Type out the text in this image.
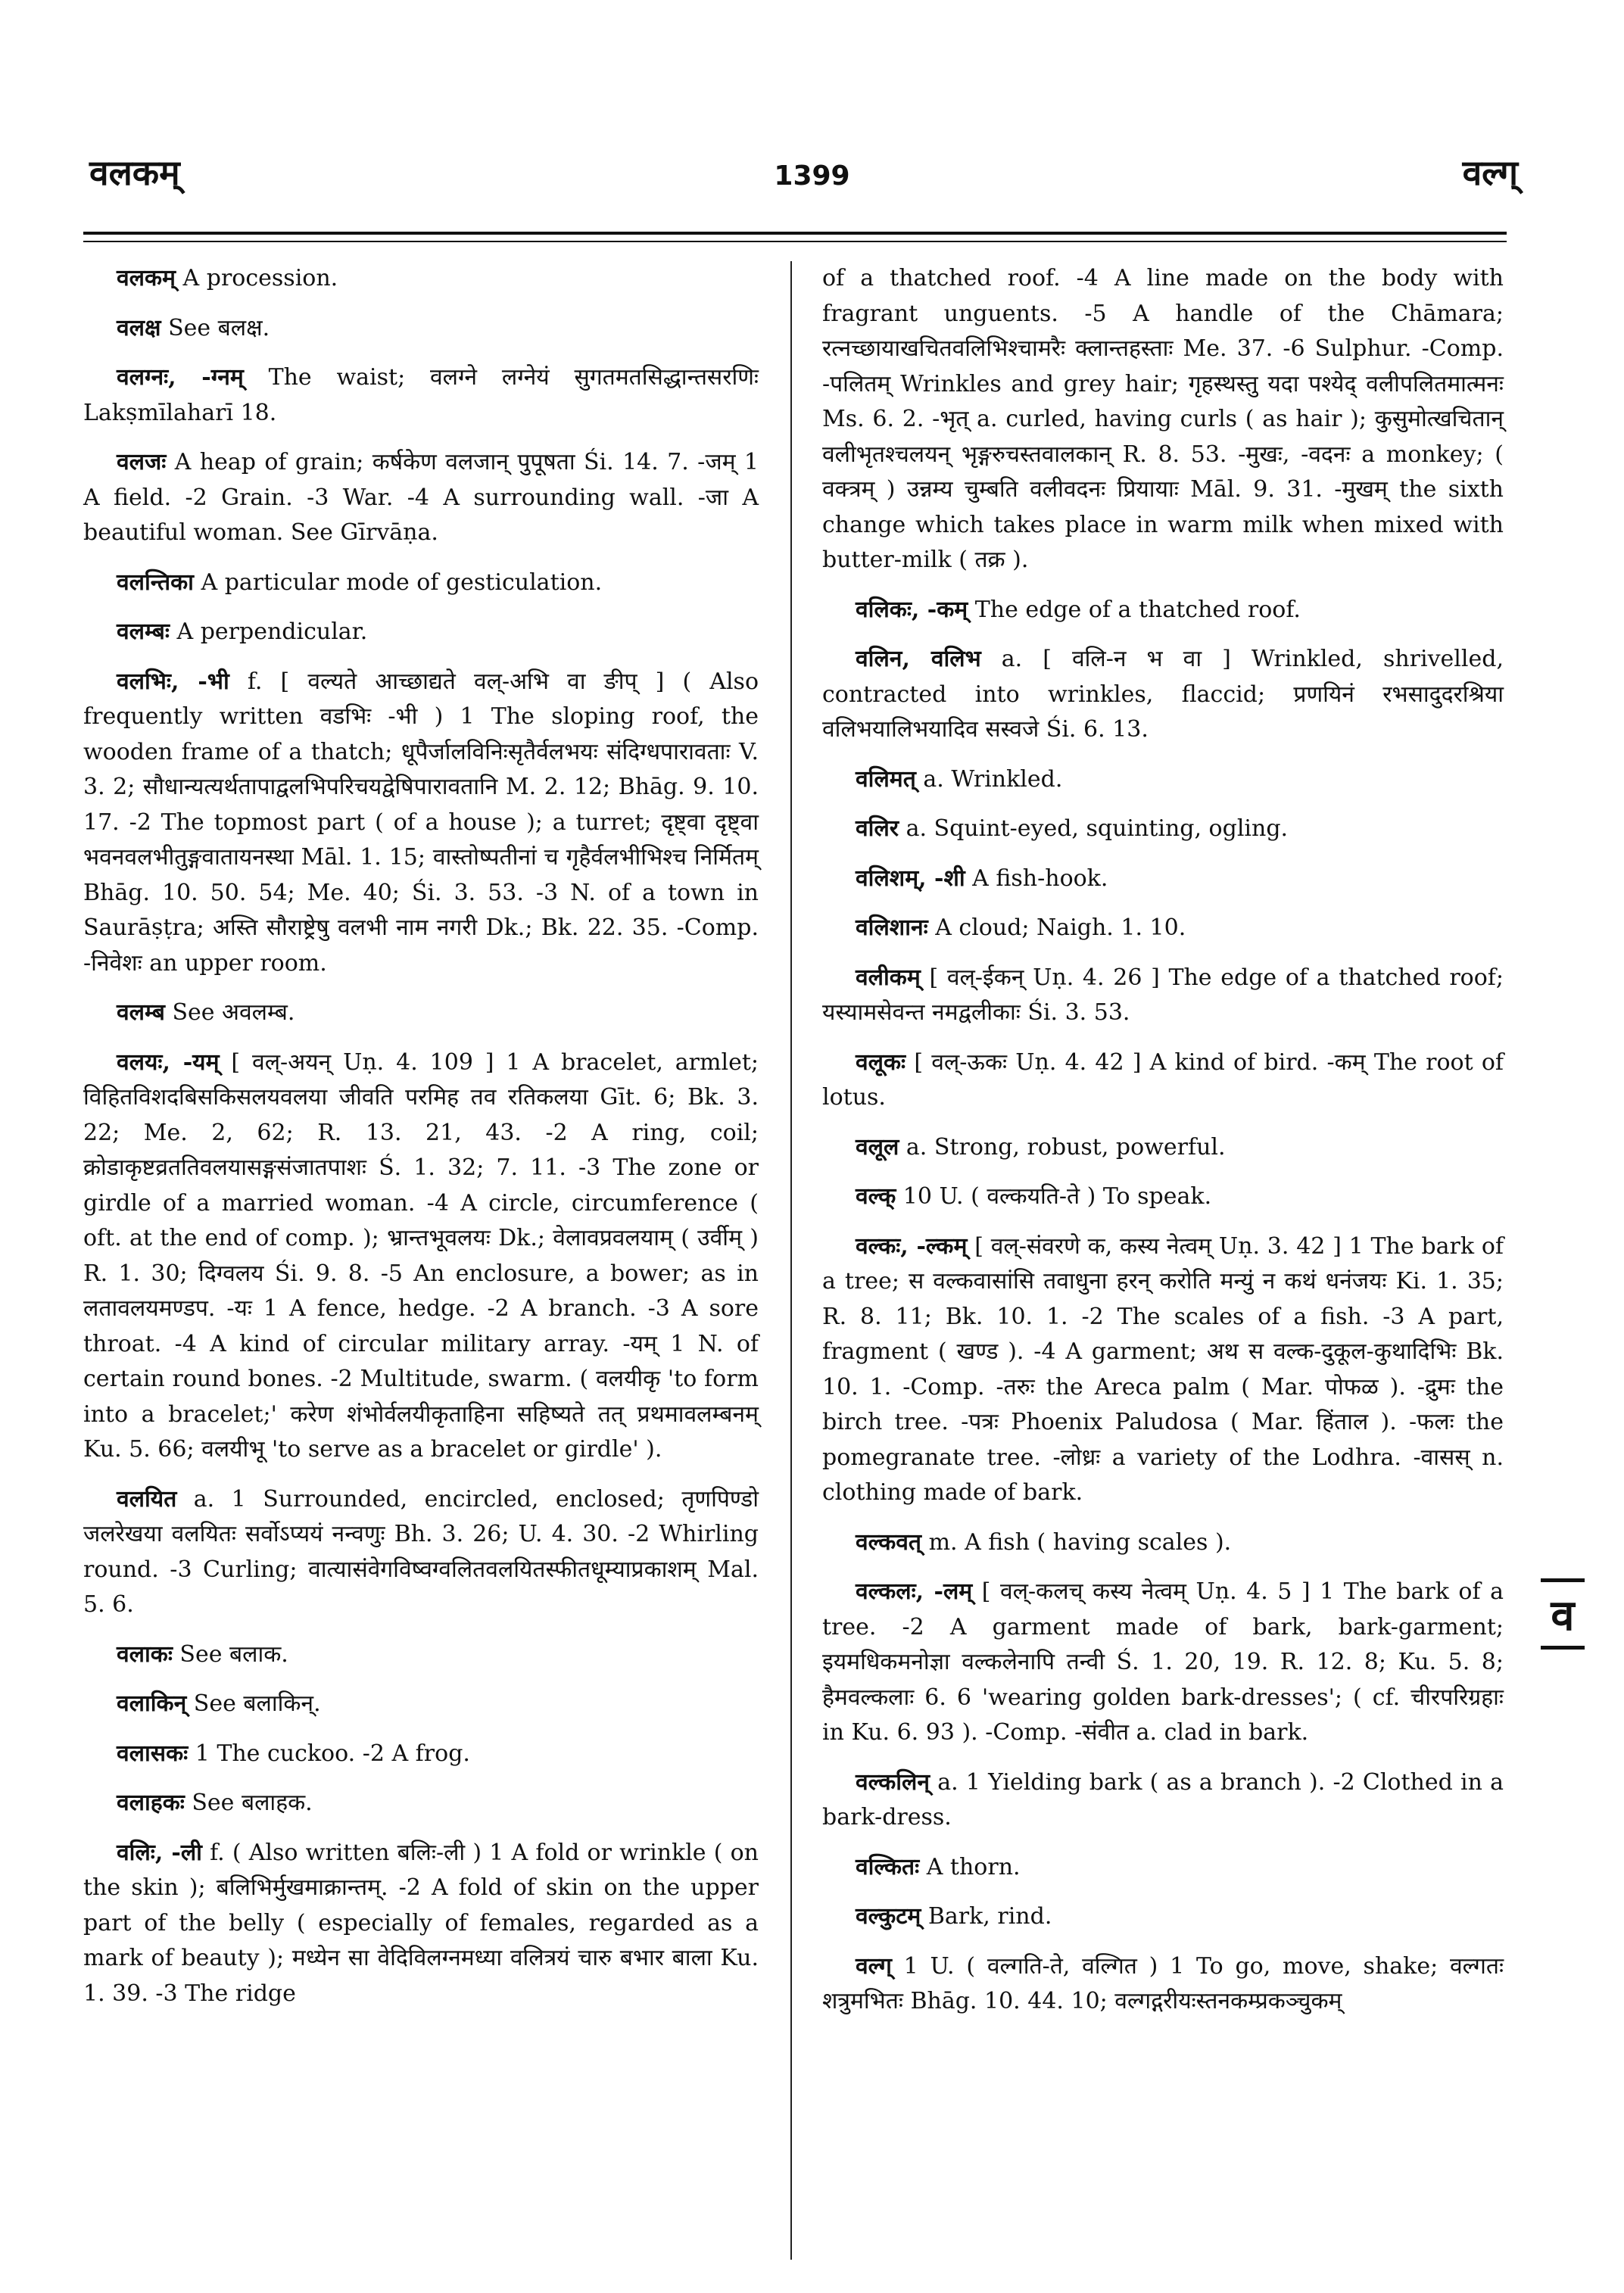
वलकम्	1399	वल्ग्

वलकम् A procession.

वलक्ष See बलक्ष.

वलग्नः, -ग्नम् The waist; वलग्ने लग्नेयं सुगतमतसिद्धान्तसरणिः Lakṣmīlaharī 18.

वलजः A heap of grain; कर्षकेण वलजान् पुपूषता Śi. 14. 7. -जम् 1 A field. -2 Grain. -3 War. -4 A surrounding wall. -जा A beautiful woman. See Gīrvāṇa.

वलन्तिका A particular mode of gesticulation.

वलम्बः A perpendicular.

वलभिः, -भी f. [ वल्यते आच्छाद्यते वल्-अभि वा ङीप् ] ( Also frequently written वडभिः -भी ) 1 The sloping roof, the wooden frame of a thatch; धूपैर्जालविनिःसृतैर्वलभयः संदिग्धपारावताः V. 3. 2; सौधान्यत्यर्थतापाद्वलभिपरिचयद्वेषिपारावतानि M. 2. 12; Bhāg. 9. 10. 17. -2 The topmost part ( of a house ); a turret; दृष्ट्वा दृष्ट्वा भवनवलभीतुङ्गवातायनस्था Māl. 1. 15; वास्तोष्पतीनां च गृहैर्वलभीभिश्च निर्मितम् Bhāg. 10. 50. 54; Me. 40; Śi. 3. 53. -3 N. of a town in Saurāṣṭra; अस्ति सौराष्ट्रेषु वलभी नाम नगरी Dk.; Bk. 22. 35. -Comp. -निवेशः an upper room.

वलम्ब See अवलम्ब.

वलयः, -यम् [ वल्-अयन् Uṇ. 4. 109 ] 1 A bracelet, armlet; विहितविशदबिसकिसलयवलया जीवति परमिह तव रतिकलया Gīt. 6; Bk. 3. 22; Me. 2, 62; R. 13. 21, 43. -2 A ring, coil; क्रोडाकृष्टव्रततिवलयासङ्गसंजातपाशः Ś. 1. 32; 7. 11. -3 The zone or girdle of a married woman. -4 A circle, circumference ( oft. at the end of comp. ); भ्रान्तभूवलयः Dk.; वेलावप्रवलयाम् ( उर्वीम् ) R. 1. 30; दिग्वलय Śi. 9. 8. -5 An enclosure, a bower; as in लतावलयमण्डप. -यः 1 A fence, hedge. -2 A branch. -3 A sore throat. -4 A kind of circular military array. -यम् 1 N. of certain round bones. -2 Multitude, swarm. ( वलयीकृ 'to form into a bracelet;' करेण शंभोर्वलयीकृताहिना सहिष्यते तत् प्रथमावलम्बनम् Ku. 5. 66; वलयीभू 'to serve as a bracelet or girdle' ).

वलयित a. 1 Surrounded, encircled, enclosed; तृणपिण्डो जलरेखया वलयितः सर्वोऽप्ययं नन्वणुः Bh. 3. 26; U. 4. 30. -2 Whirling round. -3 Curling; वात्यासंवेगविष्वग्वलितवलयितस्फीतधूम्याप्रकाशम् Mal. 5. 6.

वलाकः See बलाक.

वलाकिन् See बलाकिन्.

वलासकः 1 The cuckoo. -2 A frog.

वलाहकः See बलाहक.

वलिः, -ली f. ( Also written बलिः-ली ) 1 A fold or wrinkle ( on the skin ); बलिभिर्मुखमाक्रान्तम्. -2 A fold of skin on the upper part of the belly ( especially of females, regarded as a mark of beauty ); मध्येन सा वेदिविलग्नमध्या वलित्रयं चारु बभार बाला Ku. 1. 39. -3 The ridge

of a thatched roof. -4 A line made on the body with fragrant unguents. -5 A handle of the Chāmara; रत्नच्छायाखचितवलिभिश्चामरैः क्लान्तहस्ताः Me. 37. -6 Sulphur. -Comp. -पलितम् Wrinkles and grey hair; गृहस्थस्तु यदा पश्येद् वलीपलितमात्मनः Ms. 6. 2. -भृत् a. curled, having curls ( as hair ); कुसुमोत्खचितान् वलीभृतश्चलयन् भृङ्गरुचस्तवालकान् R. 8. 53. -मुखः, -वदनः a monkey; ( वक्त्रम् ) उन्नम्य चुम्बति वलीवदनः प्रियायाः Māl. 9. 31. -मुखम् the sixth change which takes place in warm milk when mixed with butter-milk ( तक्र ).

वलिकः, -कम् The edge of a thatched roof.

वलिन, वलिभ a. [ वलि-न भ वा ] Wrinkled, shrivelled, contracted into wrinkles, flaccid; प्रणयिनं रभसादुदरश्रिया वलिभयालिभयादिव सस्वजे Śi. 6. 13.

वलिमत् a. Wrinkled.

वलिर a. Squint-eyed, squinting, ogling.

वलिशम्, -शी A fish-hook.

वलिशानः A cloud; Naigh. 1. 10.

वलीकम् [ वल्-ईकन् Uṇ. 4. 26 ] The edge of a thatched roof; यस्यामसेवन्त नमद्वलीकाः Śi. 3. 53.

वलूकः [ वल्-ऊकः Uṇ. 4. 42 ] A kind of bird. -कम् The root of lotus.

वलूल a. Strong, robust, powerful.

वल्क् 10 U. ( वल्कयति-ते ) To speak.

वल्कः, -ल्कम् [ वल्-संवरणे क, कस्य नेत्वम् Uṇ. 3. 42 ] 1 The bark of a tree; स वल्कवासांसि तवाधुना हरन् करोति मन्युं न कथं धनंजयः Ki. 1. 35; R. 8. 11; Bk. 10. 1. -2 The scales of a fish. -3 A part, fragment ( खण्ड ). -4 A garment; अथ स वल्क-दुकूल-कुथादिभिः Bk. 10. 1. -Comp. -तरुः the Areca palm ( Mar. पोफळ ). -द्रुमः the birch tree. -पत्रः Phoenix Paludosa ( Mar. हिंताल ). -फलः the pomegranate tree. -लोध्रः a variety of the Lodhra. -वासस् n. clothing made of bark.

वल्कवत् m. A fish ( having scales ).

वल्कलः, -लम् [ वल्-कलच् कस्य नेत्वम् Uṇ. 4. 5 ] 1 The bark of a tree. -2 A garment made of bark, bark-garment; इयमधिकमनोज्ञा वल्कलेनापि तन्वी Ś. 1. 20, 19. R. 12. 8; Ku. 5. 8; हैमवल्कलाः 6. 6 'wearing golden bark-dresses'; ( cf. चीरपरिग्रहाः in Ku. 6. 93 ). -Comp. -संवीत a. clad in bark.

वल्कलिन् a. 1 Yielding bark ( as a branch ). -2 Clothed in a bark-dress.

वल्कितः A thorn.

वल्कुटम् Bark, rind.

वल्ग् 1 U. ( वल्गति-ते, वल्गित ) 1 To go, move, shake; वल्गतः शत्रुमभितः Bhāg. 10. 44. 10; वल्गद्गरीयःस्तनकम्प्रकञ्चुकम्

व
